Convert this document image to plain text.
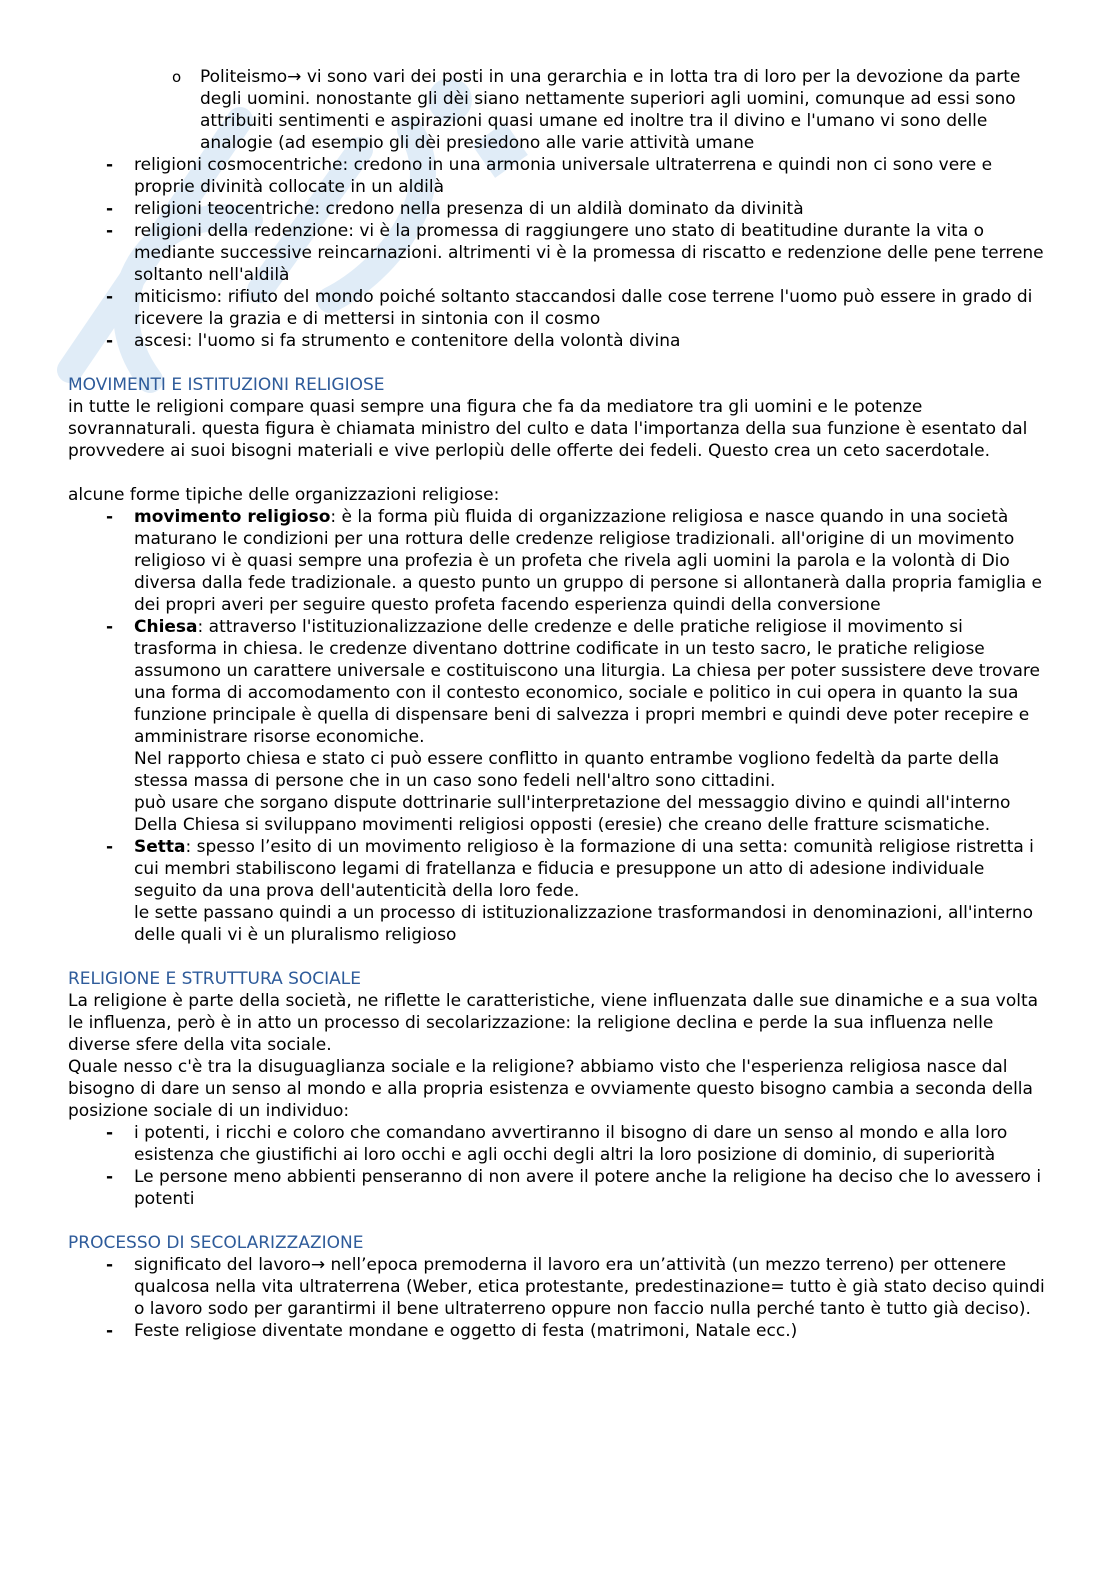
o Politeismo→ vi sono vari dei posti in una gerarchia e in lotta tra di loro per la devozione da parte degli uomini. nonostante gli dèi siano nettamente superiori agli uomini, comunque ad essi sono attribuiti sentimenti e aspirazioni quasi umane ed inoltre tra il divino e l'umano vi sono delle analogie (ad esempio gli dèi presiedono alle varie attività umane
- religioni cosmocentriche: credono in una armonia universale ultraterrena e quindi non ci sono vere e proprie divinità collocate in un aldilà
- religioni teocentriche: credono nella presenza di un aldilà dominato da divinità
- religioni della redenzione: vi è la promessa di raggiungere uno stato di beatitudine durante la vita o mediante successive reincarnazioni. altrimenti vi è la promessa di riscatto e redenzione delle pene terrene soltanto nell'aldilà
- miticismo: rifiuto del mondo poiché soltanto staccandosi dalle cose terrene l'uomo può essere in grado di ricevere la grazia e di mettersi in sintonia con il cosmo
- ascesi: l'uomo si fa strumento e contenitore della volontà divina
MOVIMENTI E ISTITUZIONI RELIGIOSE

in tutte le religioni compare quasi sempre una figura che fa da mediatore tra gli uomini e le potenze sovrannaturali. questa figura è chiamata ministro del culto e data l'importanza della sua funzione è esentato dal provvedere ai suoi bisogni materiali e vive perlopiù delle offerte dei fedeli. Questo crea un ceto sacerdotale.

alcune forme tipiche delle organizzazioni religiose:

- movimento religioso: è la forma più fluida di organizzazione religiosa e nasce quando in una società maturano le condizioni per una rottura delle credenze religiose tradizionali. all'origine di un movimento religioso vi è quasi sempre una profezia è un profeta che rivela agli uomini la parola e la volontà di Dio diversa dalla fede tradizionale. a questo punto un gruppo di persone si allontanerà dalla propria famiglia e dei propri averi per seguire questo profeta facendo esperienza quindi della conversione
- Chiesa: attraverso l'istituzionalizzazione delle credenze e delle pratiche religiose il movimento si trasforma in chiesa. le credenze diventano dottrine codificate in un testo sacro, le pratiche religiose assumono un carattere universale e costituiscono una liturgia. La chiesa per poter sussistere deve trovare una forma di accomodamento con il contesto economico, sociale e politico in cui opera in quanto la sua funzione principale è quella di dispensare beni di salvezza i propri membri e quindi deve poter recepire e amministrare risorse economiche.

Nel rapporto chiesa e stato ci può essere conflitto in quanto entrambe vogliono fedeltà da parte della stessa massa di persone che in un caso sono fedeli nell'altro sono cittadini.

può usare che sorgano dispute dottrinarie sull'interpretazione del messaggio divino e quindi all'interno Della Chiesa si sviluppano movimenti religiosi opposti (eresie) che creano delle fratture scismatiche.

- Setta: spesso l’esito di un movimento religioso è la formazione di una setta: comunità religiose ristretta i cui membri stabiliscono legami di fratellanza e fiducia e presuppone un atto di adesione individuale seguito da una prova dell'autenticità della loro fede.

le sette passano quindi a un processo di istituzionalizzazione trasformandosi in denominazioni, all'interno delle quali vi è un pluralismo religioso

RELIGIONE E STRUTTURA SOCIALE

La religione è parte della società, ne riflette le caratteristiche, viene influenzata dalle sue dinamiche e a sua volta le influenza, però è in atto un processo di secolarizzazione: la religione declina e perde la sua influenza nelle diverse sfere della vita sociale.

Quale nesso c'è tra la disuguaglianza sociale e la religione? abbiamo visto che l'esperienza religiosa nasce dal bisogno di dare un senso al mondo e alla propria esistenza e ovviamente questo bisogno cambia a seconda della posizione sociale di un individuo:

- i potenti, i ricchi e coloro che comandano avvertiranno il bisogno di dare un senso al mondo e alla loro esistenza che giustifichi ai loro occhi e agli occhi degli altri la loro posizione di dominio, di superiorità
- Le persone meno abbienti penseranno di non avere il potere anche la religione ha deciso che lo avessero i potenti
PROCESSO DI SECOLARIZZAZIONE
- significato del lavoro→ nell’epoca premoderna il lavoro era un’attività (un mezzo terreno) per ottenere qualcosa nella vita ultraterrena (Weber, etica protestante, predestinazione= tutto è già stato deciso quindi o lavoro sodo per garantirmi il bene ultraterreno oppure non faccio nulla perché tanto è tutto già deciso).
- Feste religiose diventate mondane e oggetto di festa (matrimoni, Natale ecc.)
